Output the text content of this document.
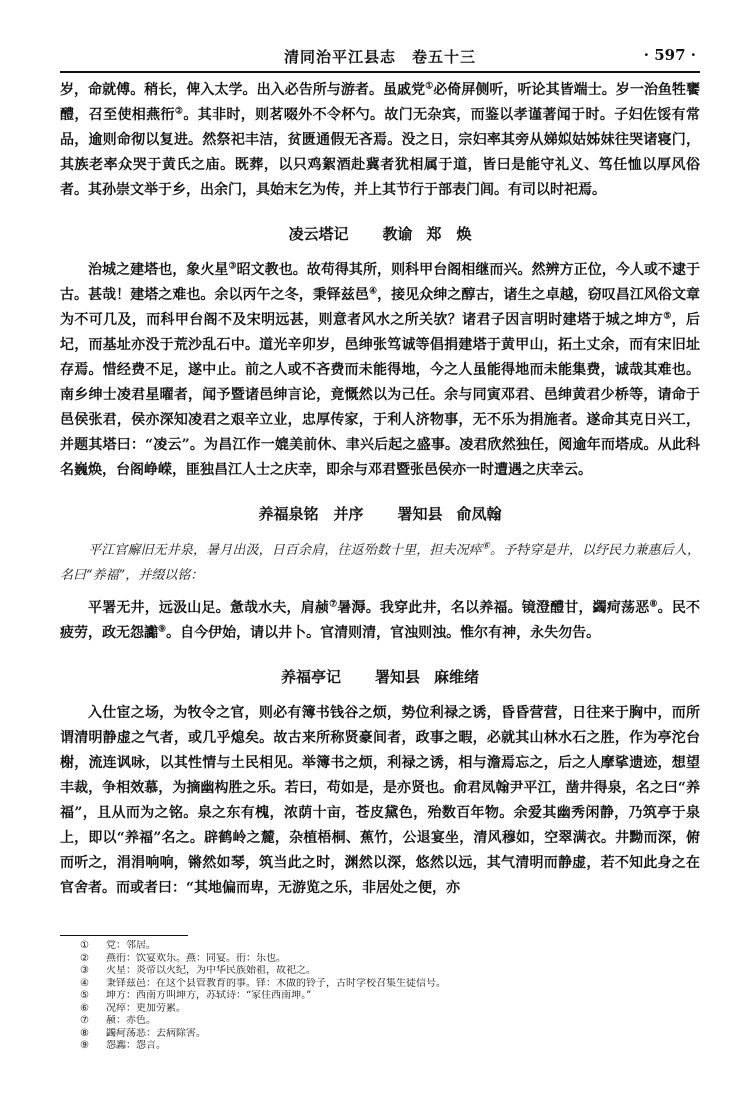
清同治平江县志　卷五十三	· 597 ·

岁，命就傅。稍长，俾入太学。出入必告所与游者。虽戚党①必倚屏侧听，听论其皆端士。岁一治鱼牲饔醴，召至使相燕衎②。其非时，则茗啜外不令杯勺。故门无杂宾，而鉴以孝谨著闻于时。子妇佐馁有常品，逾则命彻以复进。然祭祀丰洁，贫匮通假无吝焉。没之日，宗妇率其旁从娣姒姑姊妹往哭诸寝门，其族老率众哭于黄氏之庙。既葬，以只鸡絮酒赴冀者犹相属于道，皆曰是能守礼义、笃任恤以厚风俗者。其孙崇文举于乡，出余门，具始末乞为传，并上其节行于部表门闾。有司以时祀焉。

凌云塔记 教谕 郑　焕

治城之建塔也，象火星③昭文教也。故苟得其所，则科甲台阁相继而兴。然辨方正位，今人或不逮于古。甚哉！建塔之难也。余以丙午之冬，秉铎兹邑④，接见众绅之醇古，诸生之卓越，窃叹昌江风俗文章为不可几及，而科甲台阁不及宋明远甚，则意者风水之所关欤？诸君子因言明时建塔于城之坤方⑤，后圮，而基址亦没于荒沙乱石中。道光辛卯岁，邑绅张笃诚等倡捐建塔于黄甲山，拓土丈余，而有宋旧址存焉。惜经费不足，遂中止。前之人或不吝费而未能得地，今之人虽能得地而未能集费，诚哉其难也。南乡绅士凌君星曜者，闻予暨诸邑绅言论，竟慨然以为己任。余与同寅邓君、邑绅黄君少桥等，请命于邑侯张君，侯亦深知凌君之艰辛立业，忠厚传家，于利人济物事，无不乐为捐施者。遂命其克日兴工，并题其塔曰：“凌云”。为昌江作一媲美前休、聿兴后起之盛事。凌君欣然独任，阅逾年而塔成。从此科名巍焕，台阁峥嵘，匪独昌江人士之庆幸，即余与邓君暨张邑侯亦一时遭遇之庆幸云。

养福泉铭　并序 署知县 俞凤翰

平江官廨旧无井泉，暑月出汲，日百余肩，往返殆数十里，担夫况瘁⑥。予特穿是井，以纾民力兼惠后人，名曰“养福”，并缀以铭：

平署无井，远汲山足。惫哉水夫，肩赪⑦暑溽。我穿此井，名以养福。镜澄醴甘，蠲疴荡恶⑧。民不疲劳，政无怨讟⑨。自今伊始，请以井卜。官清则清，官浊则浊。惟尔有神，永失勿告。

养福亭记 署知县 麻维绪

入仕宦之场，为牧令之官，则必有簿书钱谷之烦，势位利禄之诱，昏昏营营，日往来于胸中，而所谓清明静虚之气者，或几乎熄矣。故古来所称贤豪间者，政事之暇，必就其山林水石之胜，作为亭沱台榭，流连讽咏，以其性情与土民相见。举簿书之烦，利禄之诱，相与澹焉忘之，后之人摩挲遗迹，想望丰裁，争相效慕，为摘幽构胜之乐。若曰，苟如是，是亦贤也。俞君凤翰尹平江，凿井得泉，名之曰“养福”，且从而为之铭。泉之东有槐，浓荫十亩，苍皮黛色，殆数百年物。余爱其幽秀闲静，乃筑亭于泉上，即以“养福”名之。辟鹤岭之麓，杂植梧桐、蕉竹，公退宴坐，清风穆如，空翠满衣。井黝而深，俯而听之，涓涓响响，锵然如琴，筑当此之时，渊然以深，悠然以远，其气清明而静虚，若不知此身之在官舍者。而或者曰：“其地偏而卑，无游览之乐，非居处之便，亦

① 党：邻居。
② 燕衎：饮宴欢乐。燕：同宴。衎：乐也。
③ 火星：炎帝以火纪，为中华民族始祖，故祀之。
④ 秉铎兹邑：在这个县管教育的事。铎：木做的铃子，古时学校召集生徒信号。
⑤ 坤方：西南方叫坤方，苏轼诗：“家住西南坤。”
⑥ 况瘁：更加劳累。
⑦ 赪：赤色。
⑧ 蠲疴荡恶：去病除害。
⑨ 怨讟：怨言。
